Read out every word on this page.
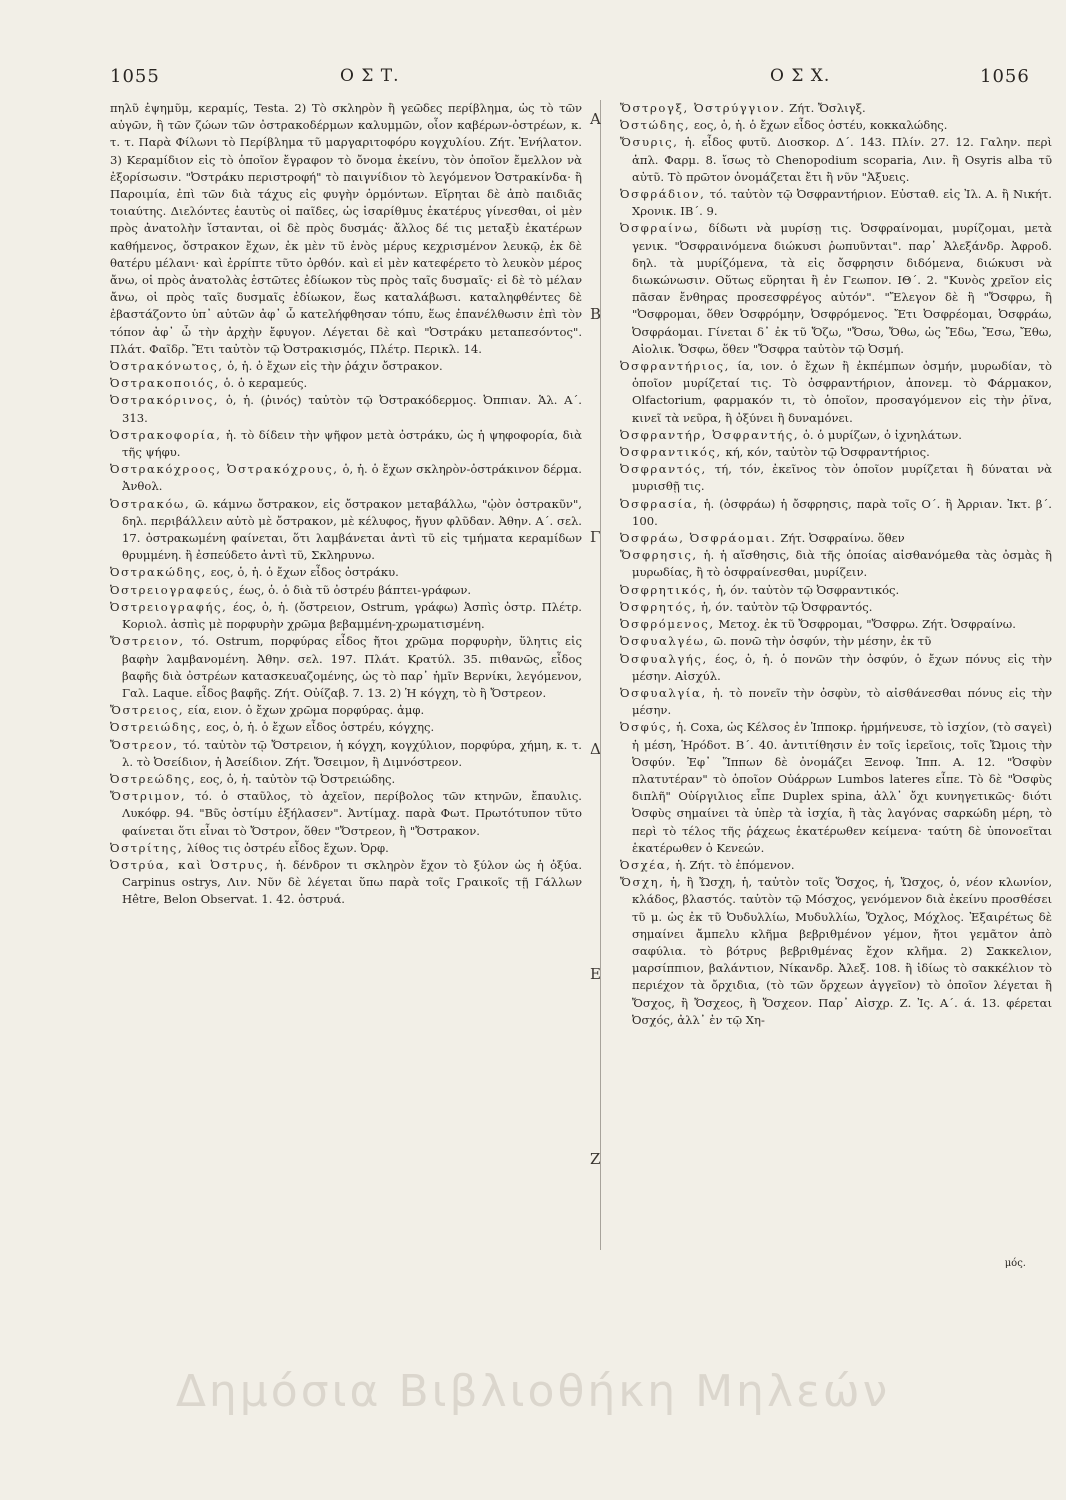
1055	Ο Σ Τ.	Ο Σ Χ.	1056

πηλῦ ἐψημῦμ, κεραμίς, Testa. 2) Τὸ σκληρὸν ἢ γεῶδες περίβλημα, ὡς τὸ τῶν αὐγῶν, ἢ τῶν ζώων τῶν ὀστρακοδέρμων καλυμμῶν, οἷον καβέρων-ὀστρέων, κ. τ. τ. Παρὰ Φίλωνι τὸ Περίβλημα τῦ μαργαριτοφόρυ κογχυλίου. Ζήτ. Ἐνήλατον. 3) Κεραμίδιον εἰς τὸ ὁποῖον ἔγραφον τὸ ὄνομα ἐκείνυ, τὸν ὁποῖον ἔμελλον νὰ ἐξορίσωσιν. "Ὀστράκυ περιστροφή" τὸ παιγνίδιον τὸ λεγόμενον Ὀστρακίνδα· ἢ Παροιμία, ἐπὶ τῶν διὰ τάχυς εἰς φυγὴν ὁρμόντων. Εἴρηται δὲ ἀπὸ παιδιᾶς τοιαύτης. Διελόντες ἑαυτὺς οἱ παῖδες, ὡς ἰσαρίθμυς ἑκατέρυς γίνεσθαι, οἱ μὲν πρὸς ἀνατολὴν ἵστανται, οἱ δὲ πρὸς δυσμάς· ἄλλος δέ τις μεταξὺ ἑκατέρων καθήμενος, ὄστρακον ἔχων, ἐκ μὲν τῦ ἑνὸς μέρυς κεχρισμένον λευκῷ, ἐκ δὲ θατέρυ μέλανι· καὶ ἐρρίπτε τῦτο ὀρθόν. καὶ εἰ μὲν κατεφέρετο τὸ λευκὸν μέρος ἄνω, οἱ πρὸς ἀνατολὰς ἑστῶτες ἐδίωκον τὺς πρὸς ταῖς δυσμαῖς· εἰ δὲ τὸ μέλαν ἄνω, οἱ πρὸς ταῖς δυσμαῖς ἐδίωκον, ἕως καταλάβωσι. καταληφθέντες δὲ ἐβαστάζοντο ὑπ᾽ αὐτῶν ἀφ᾽ ὧ κατελήφθησαν τόπυ, ἕως ἐπανέλθωσιν ἐπὶ τὸν τόπον ἀφ᾽ ὧ τὴν ἀρχὴν ἔφυγον. Λέγεται δὲ καὶ "Ὀστράκυ μεταπεσόντος". Πλάτ. Φαῖδρ. Ἔτι ταὐτὸν τῷ Ὀστρακισμός, Πλέτρ. Περικλ. 14.

Ὀστρακόνωτος, ὁ, ἡ. ὁ ἔχων εἰς τὴν ῥάχιν ὄστρακον.

Ὀστρακοποιός, ὁ. ὁ κεραμεύς.

Ὀστρακόρινος, ὁ, ἡ. (ῥινός) ταὐτὸν τῷ Ὀστρακόδερμος. Ὀππιαν. Ἁλ. Α΄. 313.

Ὀστρακοφορία, ἡ. τὸ δίδειν τὴν ψῆφον μετὰ ὀστράκυ, ὡς ἡ ψηφοφορία, διὰ τῆς ψήφυ.

Ὀστρακόχροος, Ὀστρακόχρους, ὁ, ἡ. ὁ ἔχων σκληρὸν-ὀστράκινον δέρμα. Ἀνθολ.

Ὀστρακόω, ῶ. κάμνω ὄστρακον, εἰς ὄστρακον μεταβάλλω, "ᾠὸν ὀστρακῦν", δηλ. περιβάλλειν αὐτὸ μὲ ὄστρακον, μὲ κέλυφος, ἤγυν φλῦδαν. Ἀθην. Α΄. σελ. 17. ὀστρακωμένη φαίνεται, ὅτι λαμβάνεται ἀντὶ τῦ εἰς τμήματα κεραμίδων θρυμμένη. ἢ ἐσπεύδετο ἀντὶ τῦ, Σκληρυνω.

Ὀστρακώδης, εος, ὁ, ἡ. ὁ ἔχων εἶδος ὀστράκυ.

Ὀστρειογραφεύς, έως, ὁ. ὁ διὰ τῦ ὀστρέυ βάπτει-γράφων.

Ὀστρειογραφής, έος, ὁ, ἡ. (ὄστρειον, Ostrum, γράφω) Ἀσπὶς ὀστρ. Πλέτρ. Κοριολ. ἀσπὶς μὲ πορφυρὴν χρῶμα βεβαμμένη-χρωματισμένη.

Ὄστρειον, τό. Ostrum, πορφύρας εἶδος ἤτοι χρῶμα πορφυρὴν, ὕλητις εἰς βαφὴν λαμβανομένη. Ἀθην. σελ. 197. Πλάτ. Κρατύλ. 35. πιθανῶς, εἶδος βαφῆς διὰ ὀστρέων κατασκευαζομένης, ὡς τὸ παρ᾽ ἡμῖν Βερνίκι, λεγόμενον, Γαλ. Laque. εἶδος βαφῆς. Ζήτ. Οὐίζαβ. 7. 13. 2) Ἡ κόγχη, τὸ ἢ Ὄστρεον.

Ὄστρειος, εία, ειον. ὁ ἔχων χρῶμα πορφύρας. ἀμφ.

Ὀστρειώδης, εος, ὁ, ἡ. ὁ ἔχων εἶδος ὀστρέυ, κόγχης.

Ὄστρεον, τό. ταὐτὸν τῷ Ὄστρειον, ἡ κόγχη, κογχύλιον, πορφύρα, χήμη, κ. τ. λ. τὸ Ὀσείδιον, ἡ Ἀσείδιον. Ζήτ. Ὄσειμον, ἢ Διμνόστρεον.

Ὀστρεώδης, εος, ὁ, ἡ. ταὐτὸν τῷ Ὀστρειώδης.

Ὄστριμον, τό. ὁ σταῦλος, τὸ ἀχεῖον, περίβολος τῶν κτηνῶν, ἔπαυλις. Λυκόφρ. 94. "Βῦς ὀστίμυ ἐξήλασεν". Ἀντίμαχ. παρὰ Φωτ. Πρωτότυπον τῦτο φαίνεται ὅτι εἶναι τὸ Ὄστρον, ὅθεν "Ὄστρεον, ἢ "Ὄστρακον.

Ὀστρίτης, λίθος τις ὀστρέυ εἶδος ἔχων. Ὀρφ.

Ὀστρύα, καὶ Ὀστρυς, ἡ. δένδρον τι σκληρὸν ἔχον τὸ ξύλον ὡς ἡ ὀξύα. Carpinus ostrys, Λιν. Νῦν δὲ λέγεται ὕπω παρὰ τοῖς Γραικοῖς τῇ Γάλλων Hêtre, Belon Observat. 1. 42. ὀστρυά.

Ὄστρογξ, Ὀστρύγγιον. Ζήτ. Ὄσλιγξ.

Ὀστώδης, εος, ὁ, ἡ. ὁ ἔχων εἶδος ὀστέυ, κοκκαλώδης.

Ὄσυρις, ἡ. εἶδος φυτῦ. Διοσκορ. Δ΄. 143. Πλίν. 27. 12. Γαλην. περὶ ἁπλ. Φαρμ. 8. ἴσως τὸ Chenopodium scoparia, Λιν. ἢ Osyris alba τῦ αὐτῦ. Τὸ πρῶτον ὀνομάζεται ἔτι ἢ νῦν "Ἀξυεις.

Ὀσφράδιον, τό. ταὐτὸν τῷ Ὀσφραντήριον. Εὐσταθ. εἰς Ἰλ. Α. ἢ Νικήτ. Χρονικ. ΙΒ΄. 9.

Ὀσφραίνω, δίδωτι νὰ μυρίσῃ τις. Ὀσφραίνομαι, μυρίζομαι, μετὰ γενικ. "Ὀσφραινόμενα διώκυσι ῥωπυῦνται". παρ᾽ Ἀλεξάνδρ. Ἀφροδ. δηλ. τὰ μυρίζόμενα, τὰ εἰς ὄσφρησιν διδόμενα, διώκυσι νὰ διωκώνωσιν. Οὕτως εὕρηται ἢ ἐν Γεωπον. ΙΘ΄. 2. "Κυνὸς χρεῖον εἰς πᾶσαν ἔνθηρας προσεσφρέγος αὐτόν". "Ἔλεγον δὲ ἢ "Ὄσφρω, ἢ "Ὀσφρομαι, ὅθεν Ὀσφρόμην, Ὀσφρόμενος. Ἔτι Ὀσφρέομαι, Ὀσφράω, Ὀσφράομαι. Γίνεται δ᾽ ἐκ τῦ Ὄζω, "Ὄσω, Ὄθω, ὡς Ἔδω, Ἔσω, Ἔθω, Αἰολικ. Ὄσφω, ὅθεν "Ὄσφρα ταὐτὸν τῷ Ὀσμή.

Ὀσφραντήριος, ία, ιον. ὁ ἔχων ἢ ἐκπέμπων ὀσμήν, μυρωδίαν, τὸ ὁποῖον μυρίζεταί τις. Τὸ ὀσφραντήριον, ἀπονεμ. τὸ Φάρμακον, Olfactorium, φαρμακόν τι, τὸ ὁποῖον, προσαγόμενον εἰς τὴν ῥῖνα, κινεῖ τὰ νεῦρα, ἢ ὀξύνει ἢ δυναμόνει.

Ὀσφραντήρ, Ὀσφραντής, ὁ. ὁ μυρίζων, ὁ ἰχνηλάτων.

Ὀσφραντικός, κή, κόν, ταὐτὸν τῷ Ὀσφραντήριος.

Ὀσφραντός, τή, τόν, ἐκεῖνος τὸν ὁποῖον μυρίζεται ἢ δύναται νὰ μυρισθῇ τις.

Ὀσφρασία, ἡ. (ὀσφράω) ἡ ὄσφρησις, παρὰ τοῖς Ο΄. ἢ Ἀρριαν. Ἰκτ. β΄. 100.

Ὀσφράω, Ὀσφράομαι. Ζήτ. Ὀσφραίνω. ὅθεν

Ὄσφρησις, ἡ. ἡ αἴσθησις, διὰ τῆς ὁποίας αἰσθανόμεθα τὰς ὀσμὰς ἢ μυρωδίας, ἢ τὸ ὀσφραίνεσθαι, μυρίζειν.

Ὀσφρητικός, ἡ, όν. ταὐτὸν τῷ Ὀσφραντικός.

Ὀσφρητός, ἡ, όν. ταὐτὸν τῷ Ὀσφραντός.

Ὀσφρόμενος, Μετοχ. ἐκ τῦ Ὄσφρομαι, "Ὄσφρω. Ζήτ. Ὀσφραίνω.

Ὀσφυαλγέω, ῶ. πονῶ τὴν ὀσφύν, τὴν μέσην, ἐκ τῦ

Ὀσφυαλγής, έος, ὁ, ἡ. ὁ πονῶν τὴν ὀσφύν, ὁ ἔχων πόνυς εἰς τὴν μέσην. Αἰσχύλ.

Ὀσφυαλγία, ἡ. τὸ πονεῖν τὴν ὀσφὺν, τὸ αἰσθάνεσθαι πόνυς εἰς τὴν μέσην.

Ὀσφύς, ἡ. Coxa, ὡς Κέλσος ἐν Ἱπποκρ. ἡρμήνευσε, τὸ ἰσχίον, (τὸ σαγεὶ) ἡ μέση, Ἡρόδοτ. Β΄. 40. ἀντιτίθησιν ἐν τοῖς ἱερεῖοις, τοῖς Ὤμοις τὴν Ὀσφύν. Ἐφ᾽ Ἵππων δὲ ὀνομάζει Ξενοφ. Ἱππ. Α. 12. "Ὀσφὺν πλατυτέραν" τὸ ὁποῖον Οὐάρρων Lumbos lateres εἶπε. Τὸ δὲ "Ὀσφὺς διπλῆ" Οὐίργιλιος εἶπε Duplex spina, ἀλλ᾽ ὄχι κυνηγετικῶς· διότι Ὀσφὺς σημαίνει τὰ ὑπὲρ τὰ ἰσχία, ἢ τὰς λαγόνας σαρκώδη μέρη, τὸ περὶ τὸ τέλος τῆς ῥάχεως ἑκατέρωθεν κείμενα· ταύτη δὲ ὑπονοεῖται ἑκατέρωθεν ὁ Κενεών.

Ὀσχέα, ἡ. Ζήτ. τὸ ἑπόμενον.

Ὄσχη, ἡ, ἢ Ὤσχη, ἡ, ταὐτὸν τοῖς Ὄσχος, ἡ, Ὤσχος, ὁ, νέον κλωνίον, κλάδος, βλαστός. ταὐτὸν τῷ Μόσχος, γενόμενον διὰ ἐκείνυ προσθέσει τῦ μ. ὡς ἐκ τῦ Ὀυδυλλίω, Μυδυλλίω, Ὄχλος, Μόχλος. Ἐξαιρέτως δὲ σημαίνει ἄμπελυ κλῆμα βεβριθμένον γέμον, ἤτοι γεμᾶτον ἀπὸ σαφύλια. τὸ βότρυς βεβριθμένας ἔχον κλῆμα. 2) Σακκελιον, μαρσίππιον, βαλάντιον, Νίκανδρ. Ἀλεξ. 108. ἢ ἰδίως τὸ σακκέλιον τὸ περιέχον τὰ ὄρχιδια, (τὸ τῶν ὄρχεων ἀγγεῖον) τὸ ὁποῖον λέγεται ἢ Ὄσχος, ἢ Ὄσχεος, ἢ Ὄσχεον. Παρ᾽ Αἰσχρ. Ζ. Ἰς. Α΄. ά. 13. φέρεται Ὀσχός, ἀλλ᾽ ἐν τῷ Χη-

Α
Β
Γ
Δ
Ε
Ζ
μός.
Δημόσια Βιβλιοθήκη Μηλεών
